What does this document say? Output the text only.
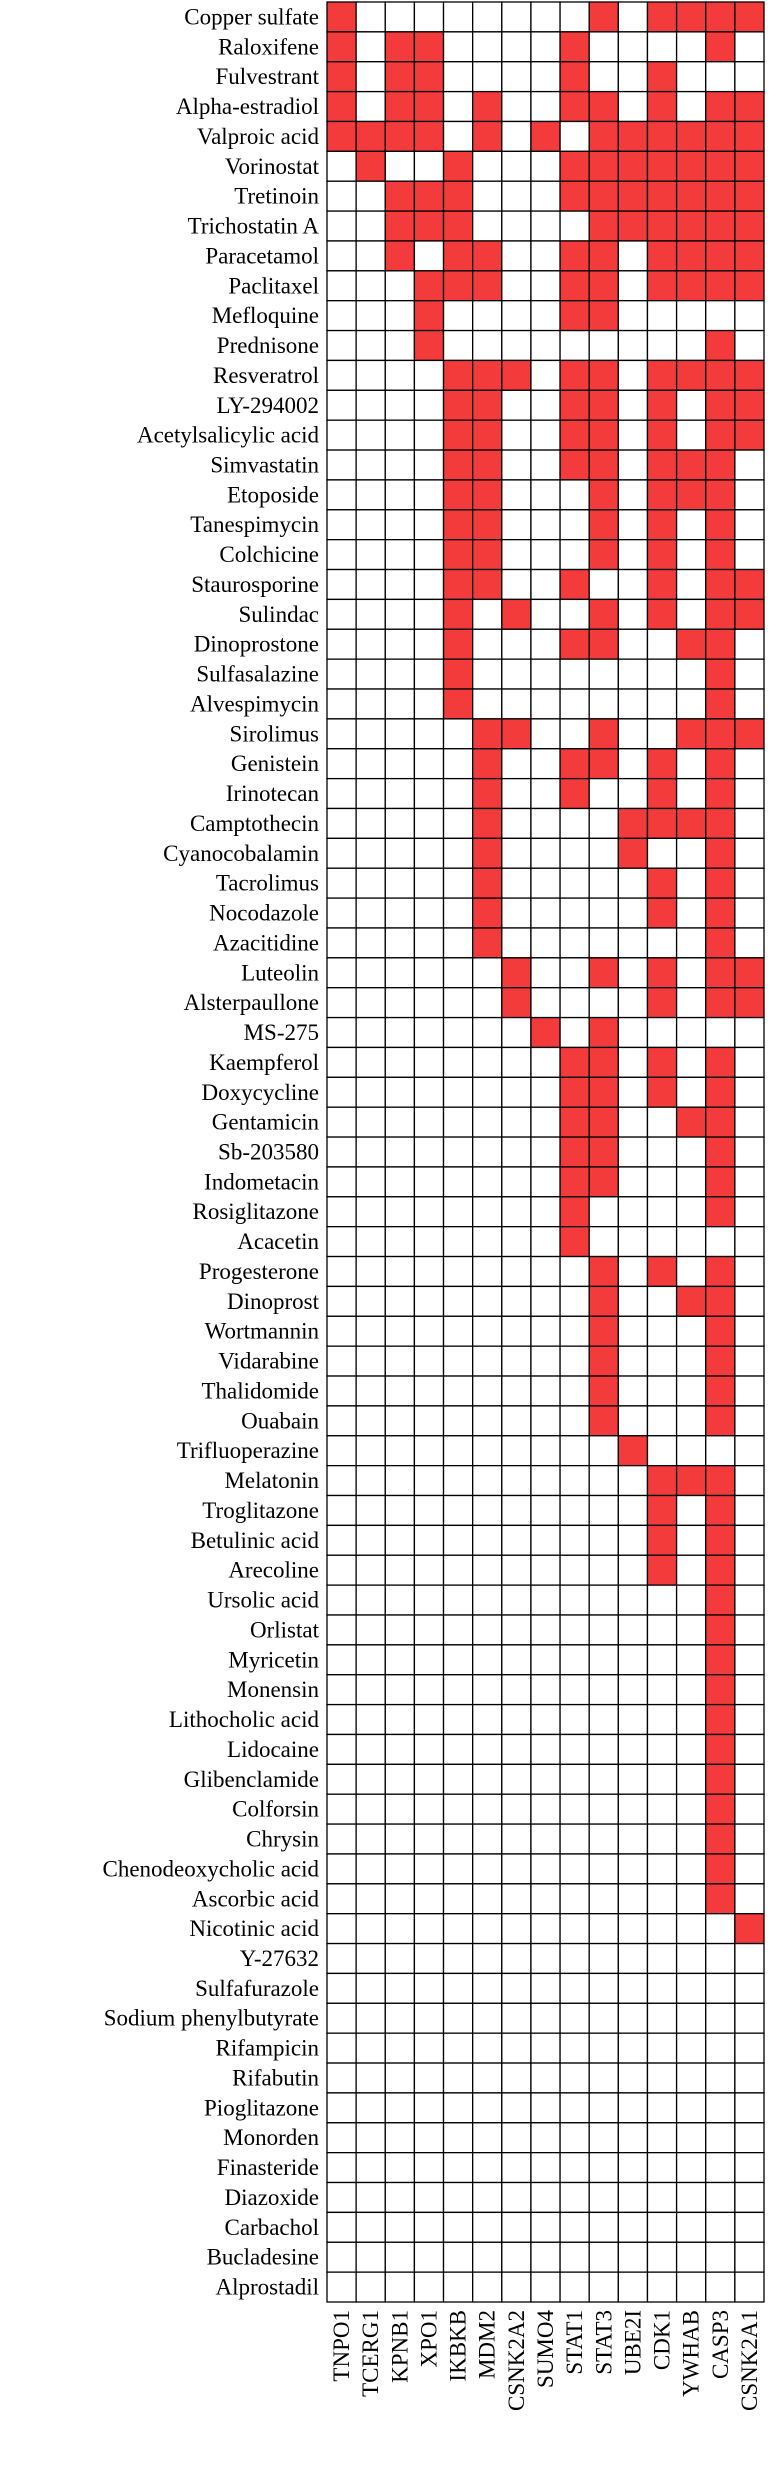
Copper sulfate
Raloxifene
Fulvestrant
Alpha-estradiol
Valproic acid
Vorinostat
Tretinoin
Trichostatin A
Paracetamol
Paclitaxel
Mefloquine
Prednisone
Resveratrol
LY-294002
Acetylsalicylic acid
Simvastatin
Etoposide
Tanespimycin
Colchicine
Staurosporine
Sulindac
Dinoprostone
Sulfasalazine
Alvespimycin
Sirolimus
Genistein
Irinotecan
Camptothecin
Cyanocobalamin
Tacrolimus
Nocodazole
Azacitidine
Luteolin
Alsterpaullone
MS-275
Kaempferol
Doxycycline
Gentamicin
Sb-203580
Indometacin
Rosiglitazone
Acacetin
Progesterone
Dinoprost
Wortmannin
Vidarabine
Thalidomide
Ouabain
Trifluoperazine
Melatonin
Troglitazone
Betulinic acid
Arecoline
Ursolic acid
Orlistat
Myricetin
Monensin
Lithocholic acid
Lidocaine
Glibenclamide
Colforsin
Chrysin
Chenodeoxycholic acid
Ascorbic acid
Nicotinic acid
Y-27632
Sulfafurazole
Sodium phenylbutyrate
Rifampicin
Rifabutin
Pioglitazone
Monorden
Finasteride
Diazoxide
Carbachol
Bucladesine
Alprostadil
TNPO1 TCERG1 KPNB1 XPO1 IKBKB MDM2 CSNK2A2 SUMO4 STAT1 STAT3 UBE2I CDK1 YWHAB CASP3 CSNK2A1
